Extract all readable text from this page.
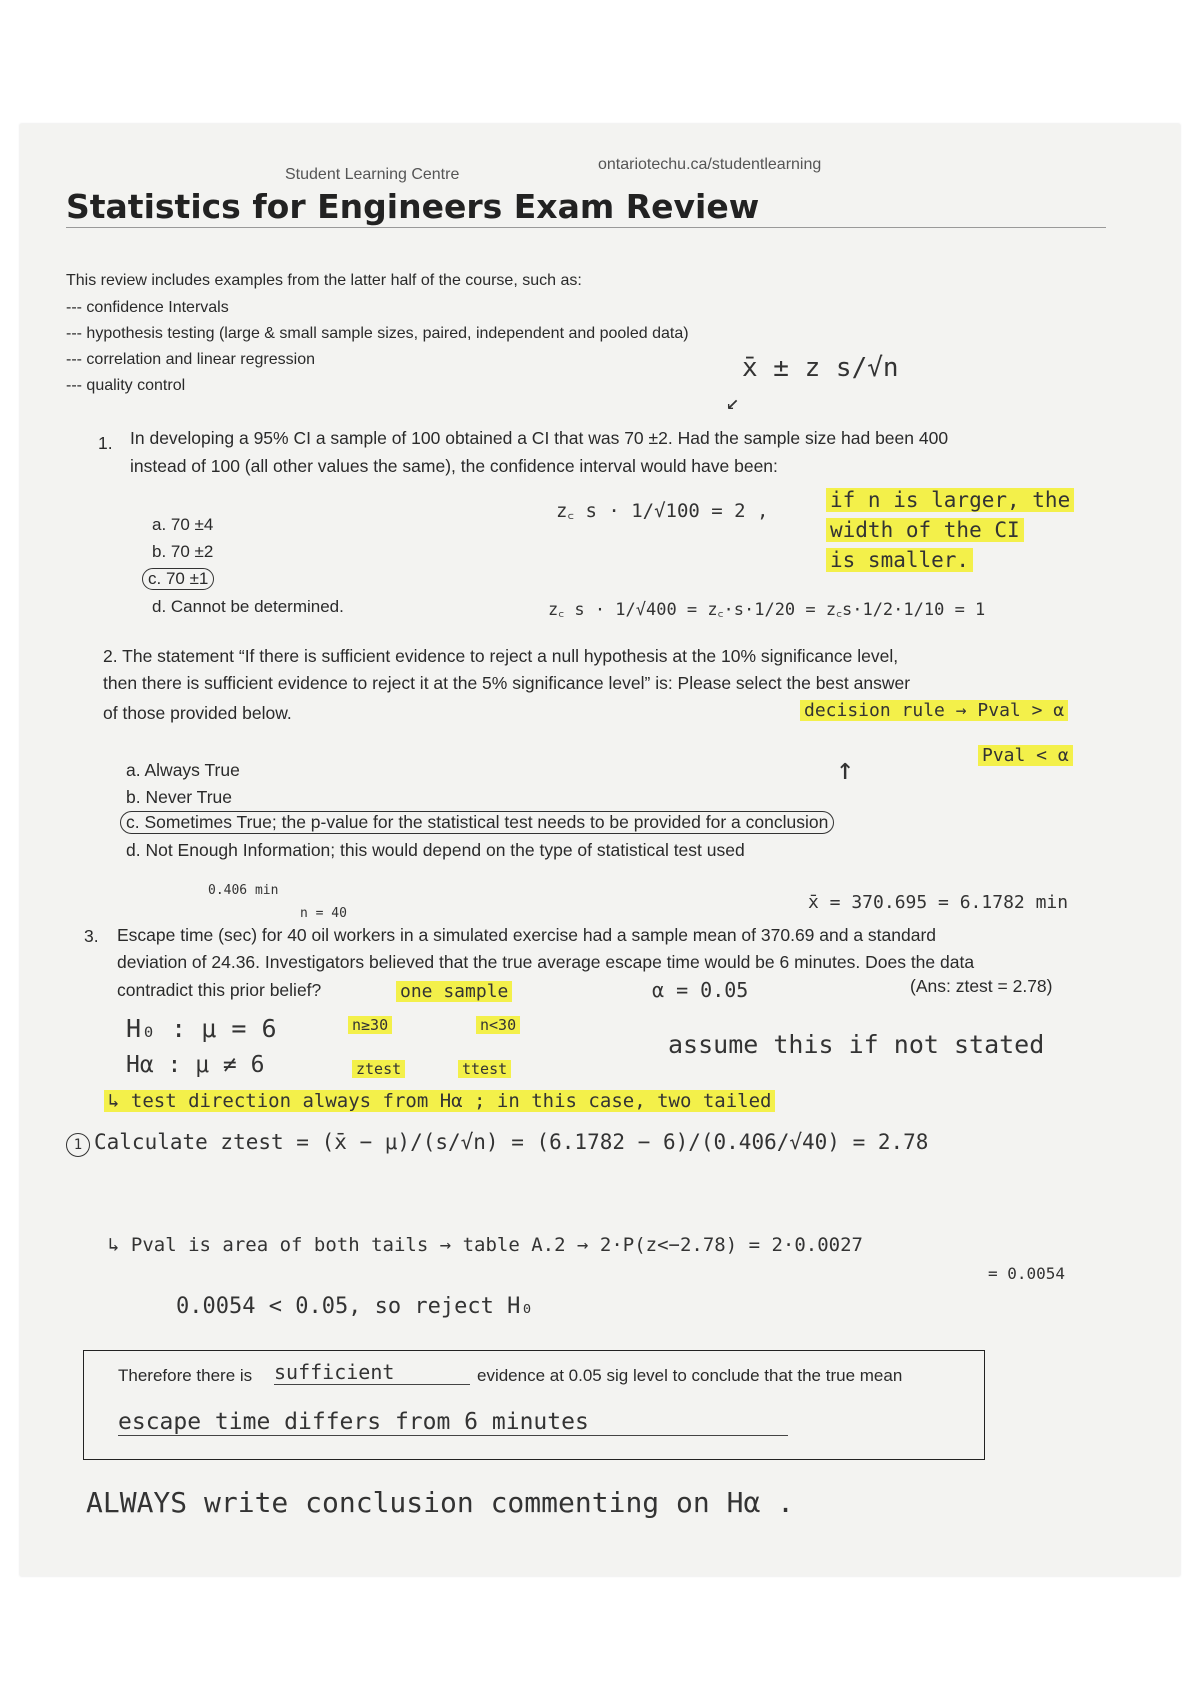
Student Learning Centre
ontariotechu.ca/studentlearning
Statistics for Engineers Exam Review
This review includes examples from the latter half of the course, such as:
--- confidence Intervals
--- hypothesis testing (large & small sample sizes, paired, independent and pooled data)
--- correlation and linear regression
--- quality control
x̄ ± z s/√n
↙
1. In developing a 95% CI a sample of 100 obtained a CI that was 70 ±2. Had the sample size had been 400
instead of 100 (all other values the same), the confidence interval would have been:
a. 70 ±4
b. 70 ±2
c. 70 ±1
d. Cannot be determined.
z꜀ s · 1/√100 = 2 ,	if n is larger, the
width of the CI
is smaller.
z꜀ s · 1/√400 = z꜀·s·1/20 = z꜀s·1/2·1/10 = 1
2. The statement “If there is sufficient evidence to reject a null hypothesis at the 10% significance level,
then there is sufficient evidence to reject it at the 5% significance level” is: Please select the best answer
of those provided below.	decision rule → Pval > α
Pval < α
↑
a. Always True
b. Never True
c. Sometimes True; the p-value for the statistical test needs to be provided for a conclusion
d. Not Enough Information; this would depend on the type of statistical test used
0.406 min
n = 40
x̄ = 370.695 = 6.1782 min
3. Escape time (sec) for 40 oil workers in a simulated exercise had a sample mean of 370.69 and a standard
deviation of 24.36. Investigators believed that the true average escape time would be 6 minutes. Does the data
contradict this prior belief?	(Ans: ztest = 2.78)
one sample	α = 0.05
H₀ : μ = 6
Hα : μ ≠ 6
n≥30	n<30
ztest	ttest
assume this if not stated
↳ test direction always from Hα ; in this case, two tailed
1 Calculate ztest = (x̄ − μ)/(s/√n) = (6.1782 − 6)/(0.406/√40) = 2.78
↳ Pval is area of both tails → table A.2 → 2·P(z<−2.78) = 2·0.0027
= 0.0054
0.0054 < 0.05, so reject H₀
Therefore there is sufficient	evidence at 0.05 sig level to conclude that the true mean
escape time differs from 6 minutes
ALWAYS write conclusion commenting on Hα .
